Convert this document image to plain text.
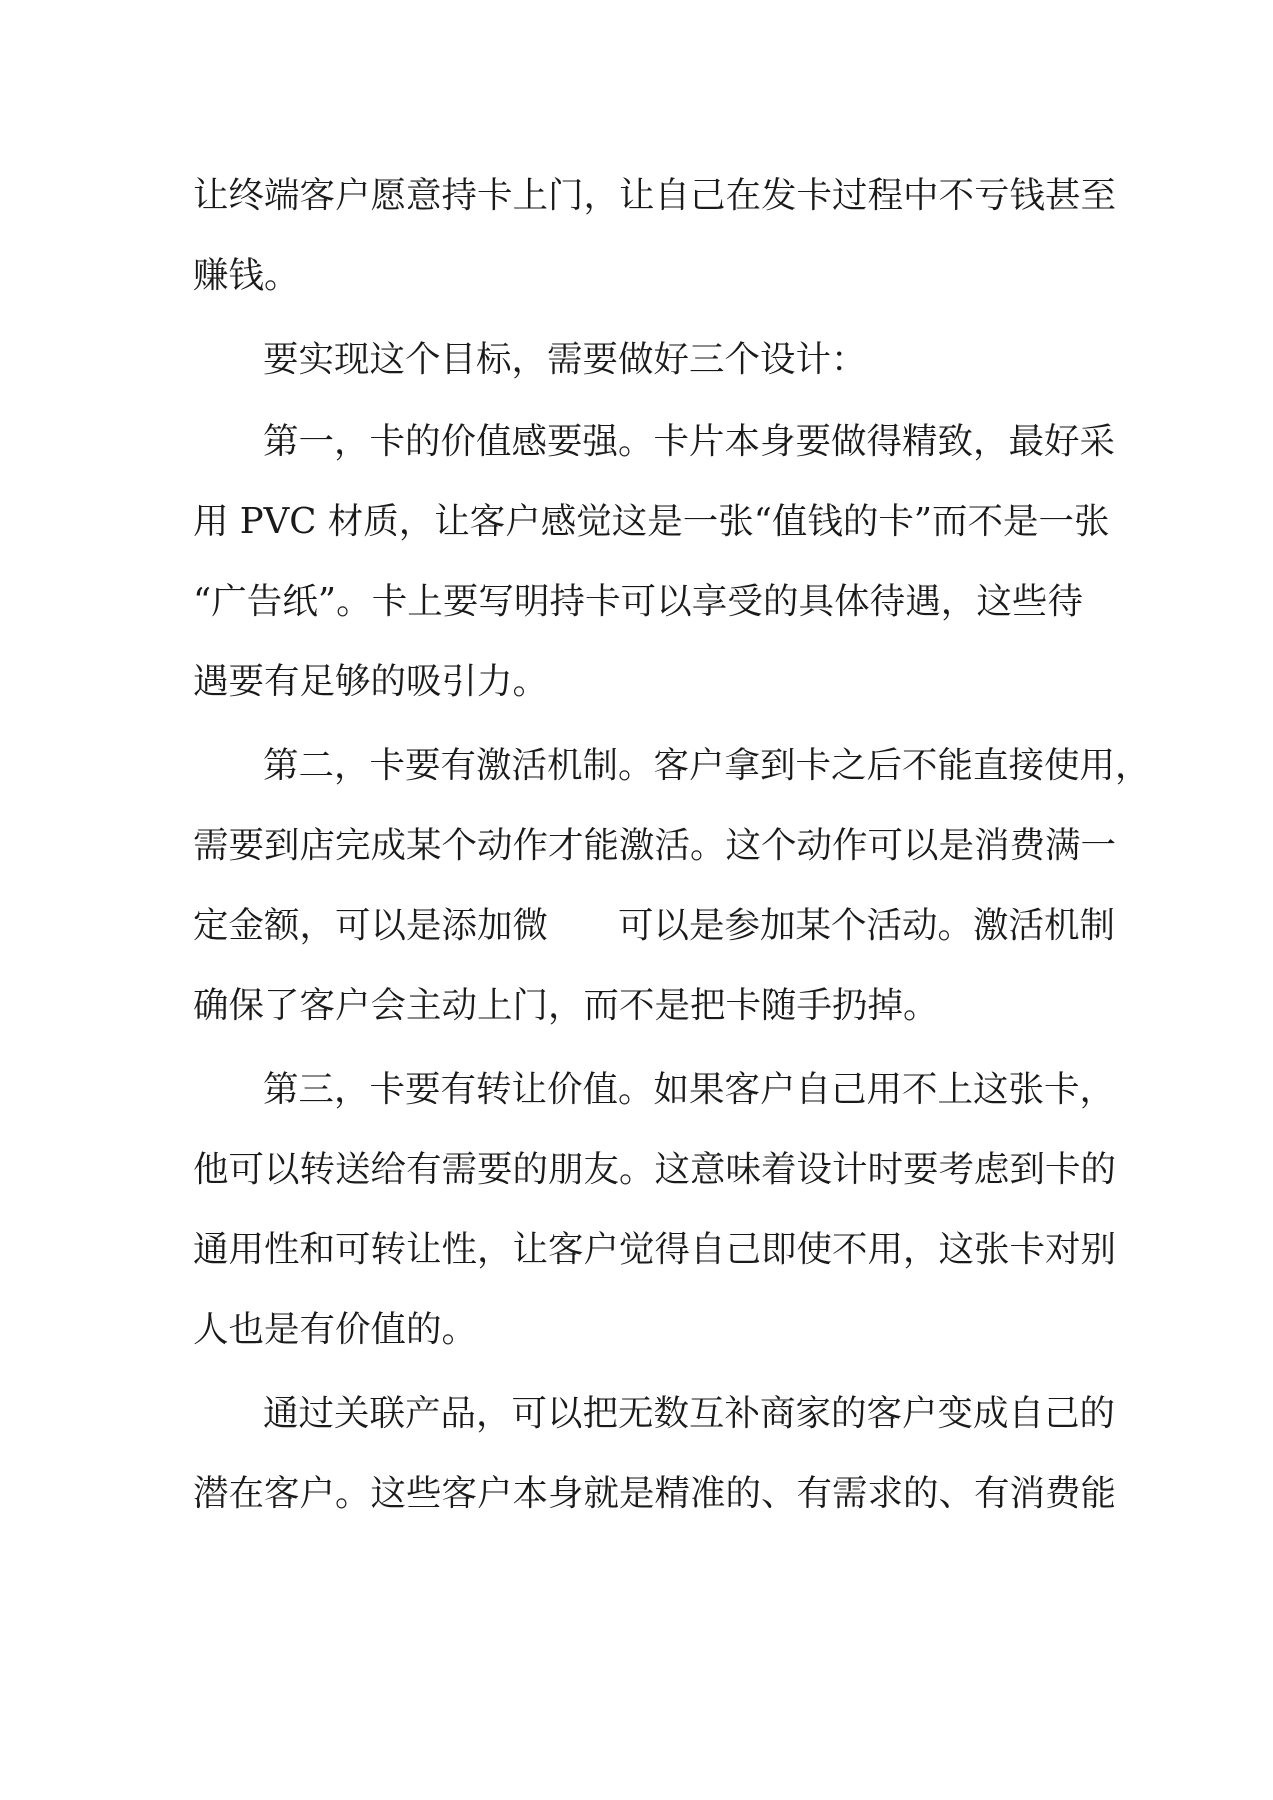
让终端客户愿意持卡上门，让自己在发卡过程中不亏钱甚至
赚钱。
要实现这个目标，需要做好三个设计：
第一，卡的价值感要强。卡片本身要做得精致，最好采
用 PVC 材质，让客户感觉这是一张“值钱的卡”而不是一张
“广告纸”。卡上要写明持卡可以享受的具体待遇，这些待
遇要有足够的吸引力。
第二，卡要有激活机制。客户拿到卡之后不能直接使用，
需要到店完成某个动作才能激活。这个动作可以是消费满一
定金额，可以是添加微 可以是参加某个活动。激活机制
确保了客户会主动上门，而不是把卡随手扔掉。
第三，卡要有转让价值。如果客户自己用不上这张卡，
他可以转送给有需要的朋友。这意味着设计时要考虑到卡的
通用性和可转让性，让客户觉得自己即使不用，这张卡对别
人也是有价值的。
通过关联产品，可以把无数互补商家的客户变成自己的
潜在客户。这些客户本身就是精准的、有需求的、有消费能
